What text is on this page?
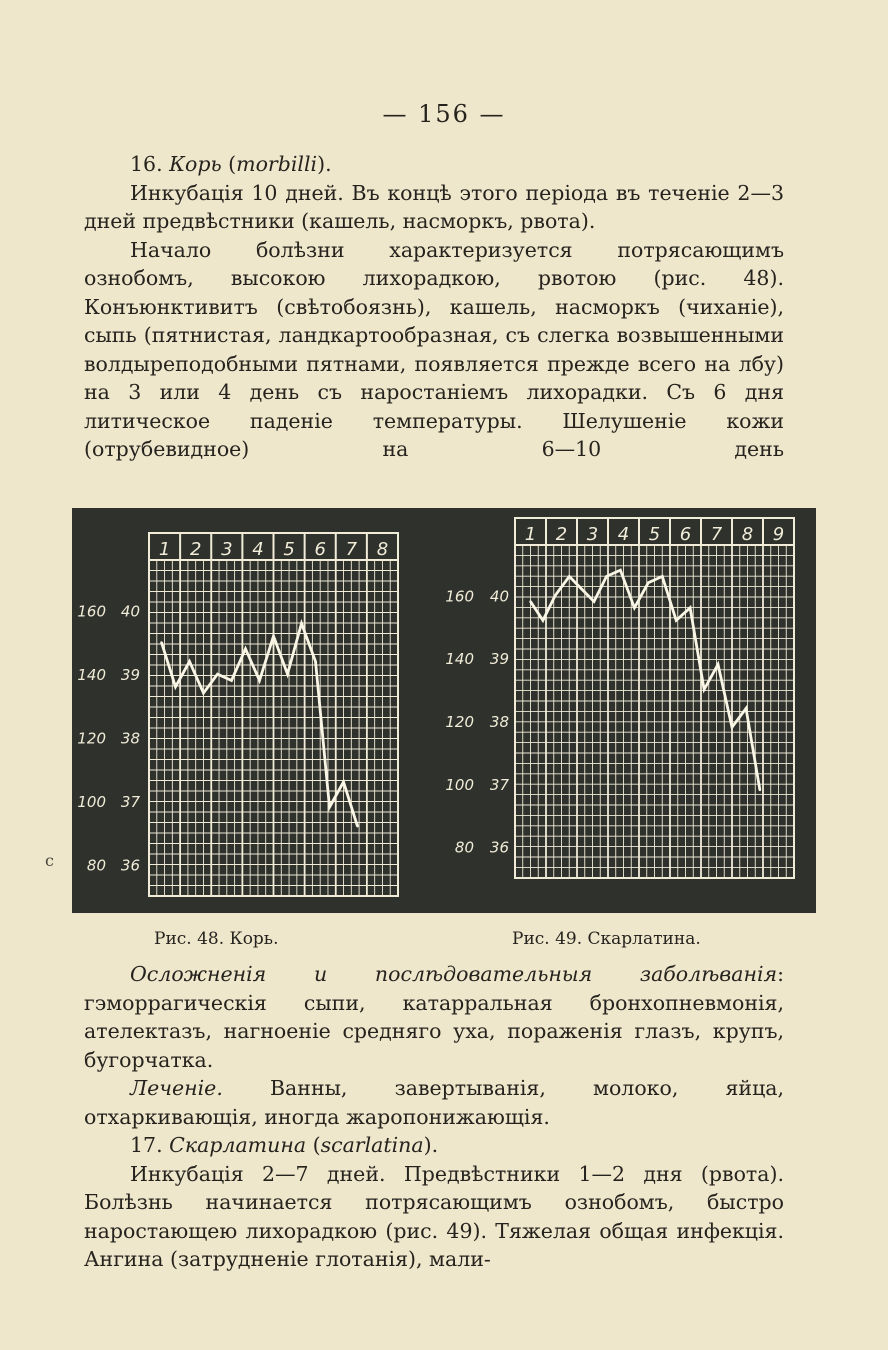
— 156 —

16. Корь (morbilli).

Инкубація 10 дней. Въ концѣ этого періода въ теченіе 2—3 дней предвѣстники (кашель, насморкъ, рвота).

Начало болѣзни характеризуется потрясающимъ ознобомъ, высокою лихорадкою, рвотою (рис. 48). Конъюнктивитъ (свѣтобоязнь), кашель, насморкъ (чиханіе), сыпь (пятнистая, ландкартообразная, съ слегка возвышенными волдыреподобными пятнами, появляется прежде всего на лбу) на 3 или 4 день съ наростаніемъ лихорадки. Съ 6 дня литическое паденіе температуры. Шелушеніе кожи (отрубевидное) на 6—10 день

1 2 3 4 5 6 7 8
160 40
140 39
120 38
100 37
80 36
1 2 3 4 5 6 7 8 9
160 40
140 39
120 38
100 37
80 36
Рис. 48. Корь.	Рис. 49. Скарлатина.
с

Осложненія и послѣдовательныя заболѣванія: гэморрагическія сыпи, катарральная бронхопневмонія, ателектазъ, нагноеніе средняго уха, пораженія глазъ, крупъ, бугорчатка.

Леченіе. Ванны, завертыванія, молоко, яйца, отхаркивающія, иногда жаропонижающія.

17. Скарлатина (scarlatina).

Инкубація 2—7 дней. Предвѣстники 1—2 дня (рвота). Болѣзнь начинается потрясающимъ ознобомъ, быстро наростающею лихорадкою (рис. 49). Тяжелая общая инфекція. Ангина (затрудненіе глотанія), мали-
